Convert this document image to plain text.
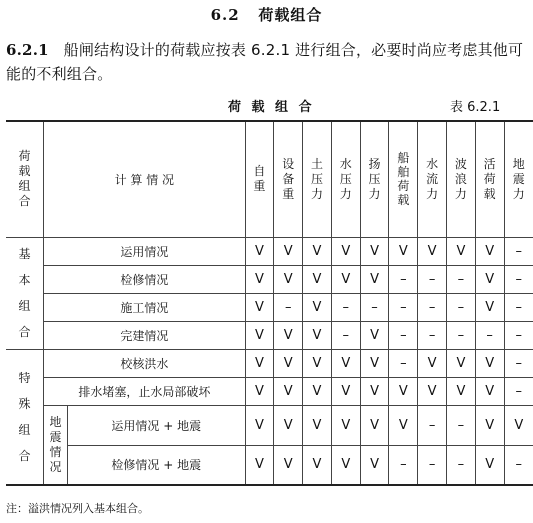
6.2 荷载组合
6.2.1 船闸结构设计的荷载应按表 6.2.1 进行组合，必要时尚应考虑其他可能的不利组合。
荷 载 组 合	表 6.2.1
荷载组合	计 算 情 况		自重	设备重	土压力	水压力	扬压力	船舶荷载	水流力	波浪力	活荷载	地震力
基本组合	运用情况		V	V	V	V	V	V	V	V	V	–
	检修情况		V	V	V	V	V	–	–	–	V	–
	施工情况		V	–	V	–	–	–	–	–	V	–
	完建情况		V	V	V	–	V	–	–	–	–	–
特殊组合	校核洪水		V	V	V	V	V	–	V	V	V	–
	排水堵塞，止水局部破坏		V	V	V	V	V	V	V	V	V	–
	地震情况	运用情况 + 地震	V	V	V	V	V	V	–	–	V	V
		检修情况 + 地震	V	V	V	V	V	–	–	–	V	–
注：溢洪情况列入基本组合。
